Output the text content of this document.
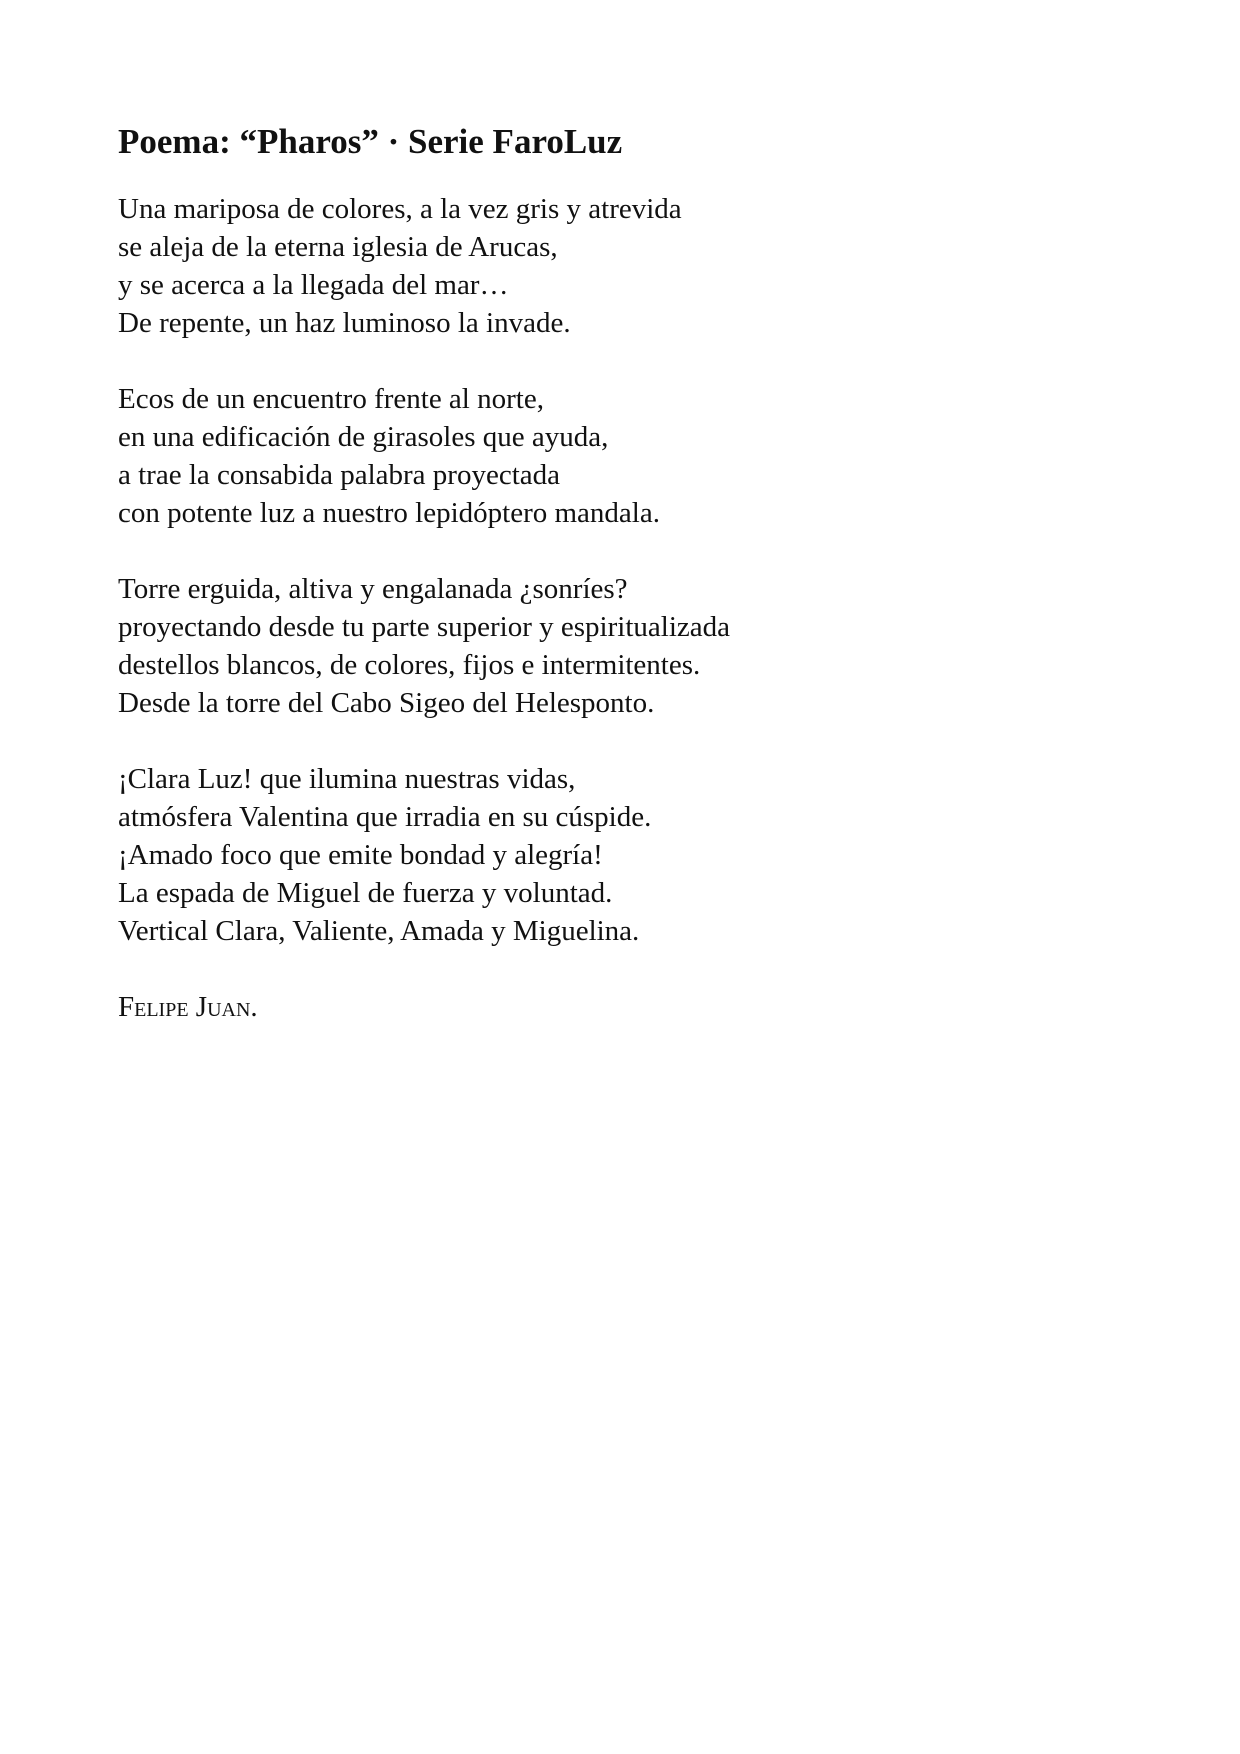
Poema: “Pharos” · Serie FaroLuz
Una mariposa de colores, a la vez gris y atrevida
se aleja de la eterna iglesia de Arucas,
y se acerca a la llegada del mar…
De repente, un haz luminoso la invade.
Ecos de un encuentro frente al norte,
en una edificación de girasoles que ayuda,
a trae la consabida palabra proyectada
con potente luz a nuestro lepidóptero mandala.
Torre erguida, altiva y engalanada ¿sonríes?
proyectando desde tu parte superior y espiritualizada
destellos blancos, de colores, fijos e intermitentes.
Desde la torre del Cabo Sigeo del Helesponto.
¡Clara Luz! que ilumina nuestras vidas,
atmósfera Valentina que irradia en su cúspide.
¡Amado foco que emite bondad y alegría!
La espada de Miguel de fuerza y voluntad.
Vertical Clara, Valiente, Amada y Miguelina.
Felipe Juan.
